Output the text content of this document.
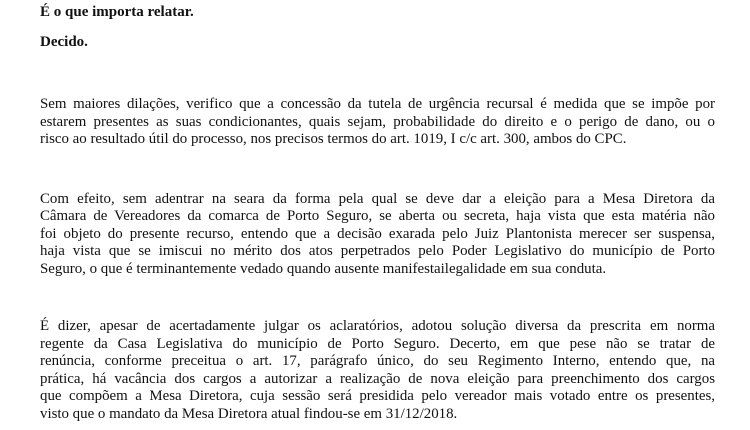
É o que importa relatar.
Decido.
Sem maiores dilações, verifico que a concessão da tutela de urgência recursal é medida que se impõe por
estarem presentes as suas condicionantes, quais sejam, probabilidade do direito e o perigo de dano, ou o
risco ao resultado útil do processo, nos precisos termos do art. 1019, I c/c art. 300, ambos do CPC.
Com efeito, sem adentrar na seara da forma pela qual se deve dar a eleição para a Mesa Diretora da
Câmara de Vereadores da comarca de Porto Seguro, se aberta ou secreta, haja vista que esta matéria não
foi objeto do presente recurso, entendo que a decisão exarada pelo Juiz Plantonista merecer ser suspensa,
haja vista que se imiscui no mérito dos atos perpetrados pelo Poder Legislativo do município de Porto
Seguro, o que é terminantemente vedado quando ausente manifestailegalidade em sua conduta.
É dizer, apesar de acertadamente julgar os aclaratórios, adotou solução diversa da prescrita em norma
regente da Casa Legislativa do município de Porto Seguro. Decerto, em que pese não se tratar de
renúncia, conforme preceitua o art. 17, parágrafo único, do seu Regimento Interno, entendo que, na
prática, há vacância dos cargos a autorizar a realização de nova eleição para preenchimento dos cargos
que compõem a Mesa Diretora, cuja sessão será presidida pelo vereador mais votado entre os presentes,
visto que o mandato da Mesa Diretora atual findou-se em 31/12/2018.
